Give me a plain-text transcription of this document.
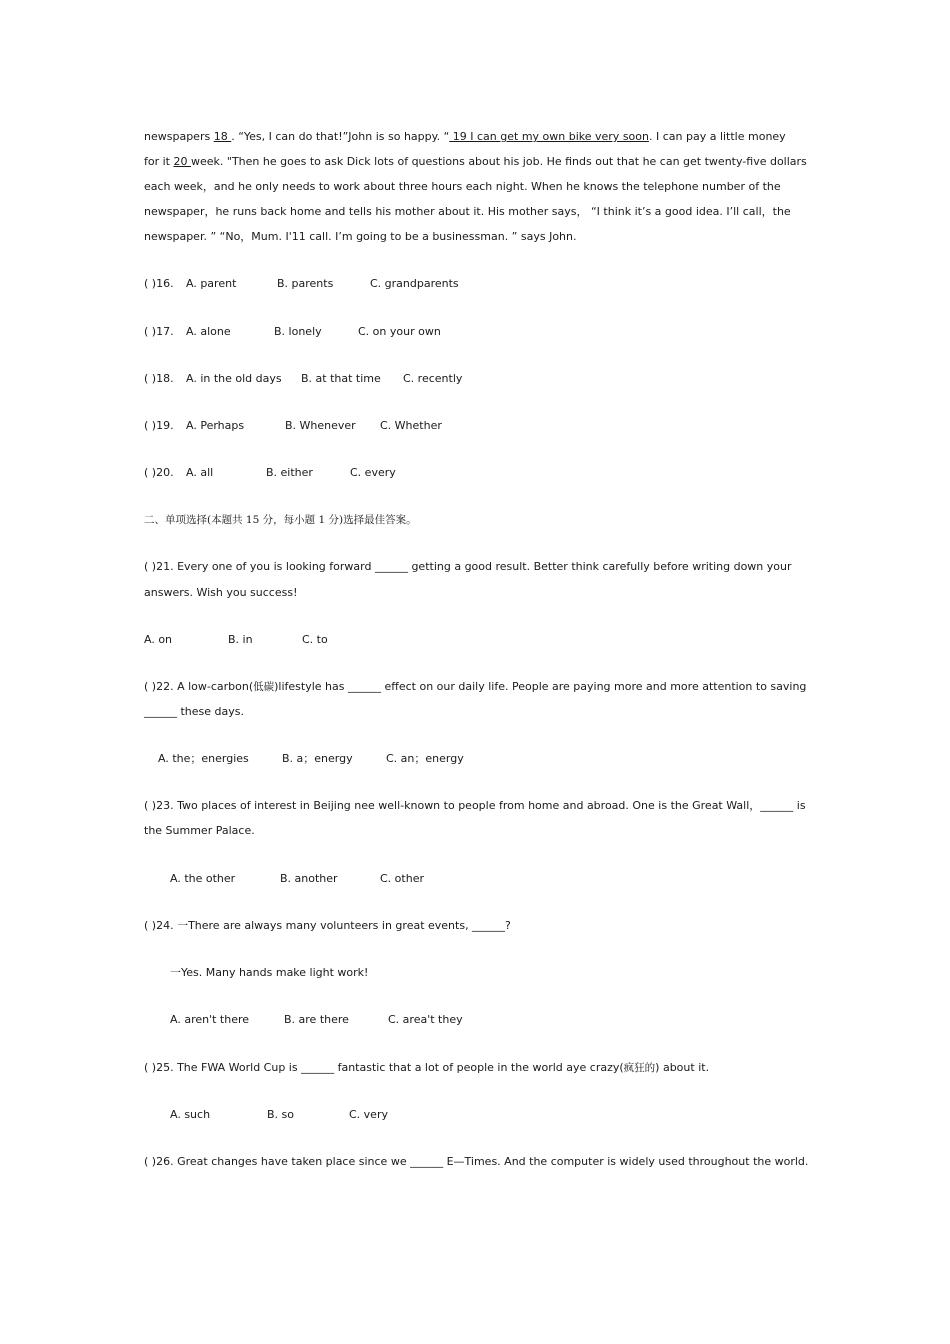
newspapers 18 . “Yes, I can do that!”John is so happy. “ 19 I can get my own bike very soon. I can pay a little money
for it 20 week. "Then he goes to ask Dick lots of questions about his job. He finds out that he can get twenty-five dollars
each week，and he only needs to work about three hours each night. When he knows the telephone number of the
newspaper，he runs back home and tells his mother about it. His mother says， “I think it’s a good idea. I’ll call，the
newspaper. ” “No，Mum. I'11 call. I’m going to be a businessman. ” says John.
( )16. A. parent	B. parents	C. grandparents
( )17. A. alone	B. lonely	C. on your own
( )18. A. in the old days B. at that time C. recently
( )19. A. Perhaps	B. Whenever C. Whether
( )20. A. all	B. either	C. every
二、单项选择(本题共 15 分，每小题 1 分)选择最佳答案。
( )21. Every one of you is looking forward ______ getting a good result. Better think carefully before writing down your
answers. Wish you success!
A. on	B. in	C. to
( )22. A low-carbon(低碳)lifestyle has ______ effect on our daily life. People are paying more and more attention to saving
______ these days.
A. the；energies	B. a；energy	C. an；energy
( )23. Two places of interest in Beijing nee well-known to people from home and abroad. One is the Great Wall，______ is
the Summer Palace.
A. the other	B. another	C. other
( )24. 一There are always many volunteers in great events, ______?
一Yes. Many hands make light work!
A. aren't there	B. are there	C. area't they
( )25. The FWA World Cup is ______ fantastic that a lot of people in the world aye crazy(疯狂的) about it.
A. such	B. so	C. very
( )26. Great changes have taken place since we ______ E—Times. And the computer is widely used throughout the world.
